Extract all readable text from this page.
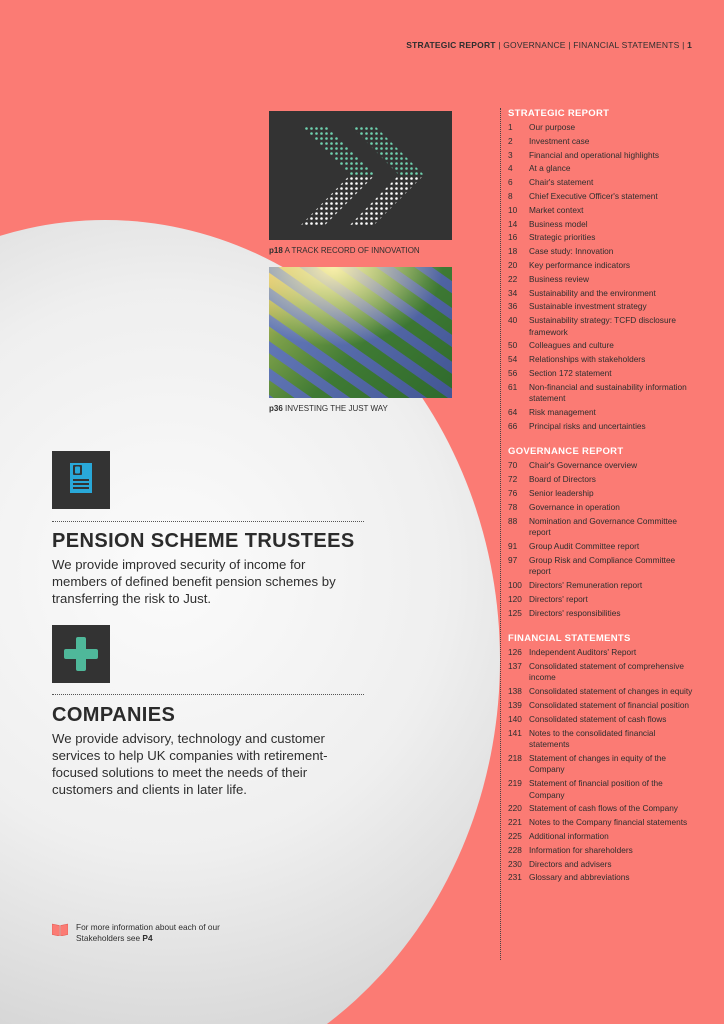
STRATEGIC REPORT | GOVERNANCE | FINANCIAL STATEMENTS | 1
p18 A TRACK RECORD OF INNOVATION
p36 INVESTING THE JUST WAY
PENSION SCHEME TRUSTEES
We provide improved security of income for members of defined benefit pension schemes by transferring the risk to Just.
COMPANIES
We provide advisory, technology and customer services to help UK companies with retirement-focused solutions to meet the needs of their customers and clients in later life.
For more information about each of our Stakeholders see P4
STRATEGIC REPORT
1	Our purpose
2	Investment case
3	Financial and operational highlights
4	At a glance
6	Chair's statement
8	Chief Executive Officer's statement
10	Market context
14	Business model
16	Strategic priorities
18	Case study: Innovation
20	Key performance indicators
22	Business review
34	Sustainability and the environment
36	Sustainable investment strategy
40	Sustainability strategy: TCFD disclosure framework
50	Colleagues and culture
54	Relationships with stakeholders
56	Section 172 statement
61	Non-financial and sustainability information statement
64	Risk management
66	Principal risks and uncertainties
GOVERNANCE REPORT
70	Chair's Governance overview
72	Board of Directors
76	Senior leadership
78	Governance in operation
88	Nomination and Governance Committee report
91	Group Audit Committee report
97	Group Risk and Compliance Committee report
100 Directors' Remuneration report
120 Directors' report
125 Directors' responsibilities
FINANCIAL STATEMENTS
126 Independent Auditors' Report
137 Consolidated statement of comprehensive income
138 Consolidated statement of changes in equity
139 Consolidated statement of financial position
140 Consolidated statement of cash flows
141 Notes to the consolidated financial statements
218 Statement of changes in equity of the Company
219 Statement of financial position of the Company
220 Statement of cash flows of the Company
221 Notes to the Company financial statements
225 Additional information
228 Information for shareholders
230 Directors and advisers
231 Glossary and abbreviations
